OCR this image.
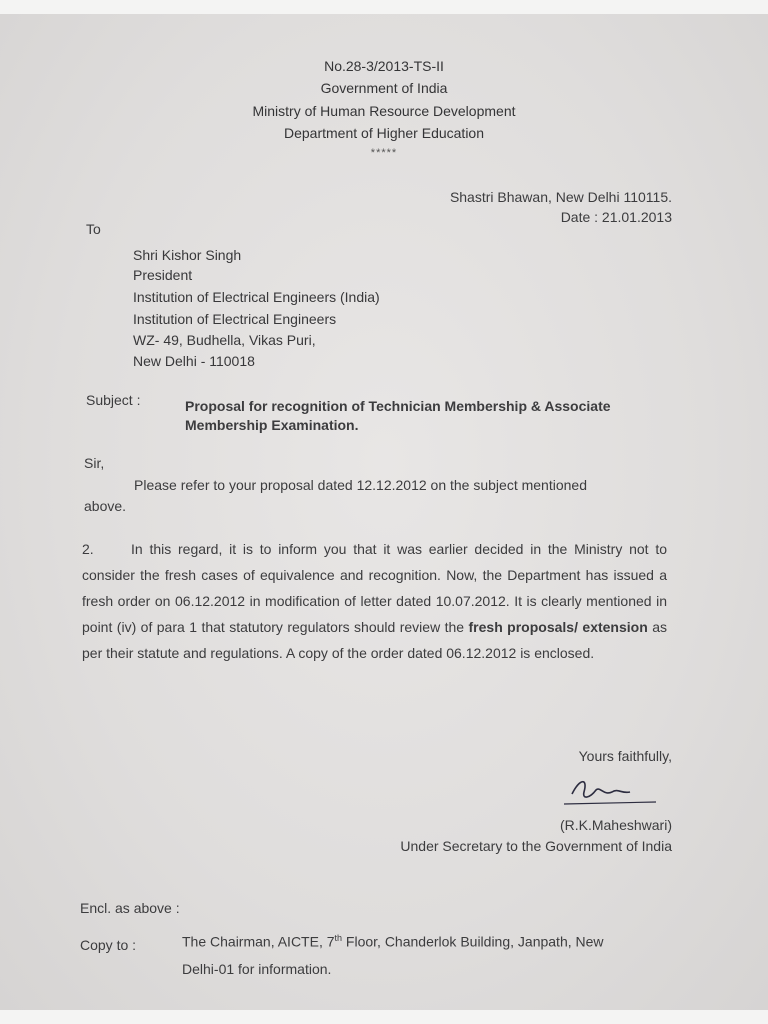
No.28-3/2013-TS-II
Government of India
Ministry of Human Resource Development
Department of Higher Education
*****
Shastri Bhawan, New Delhi 110115.
Date : 21.01.2013
To
Shri Kishor Singh
President
Institution of Electrical Engineers (India)
Institution of Electrical Engineers
WZ- 49, Budhella, Vikas Puri,
New Delhi - 110018
Subject :	Proposal for recognition of Technician Membership & Associate
Membership Examination.
Sir,
Please refer to your proposal dated 12.12.2012 on the subject mentioned
above.
2.	In this regard, it is to inform you that it was earlier decided in the Ministry not to consider the fresh cases of equivalence and recognition. Now, the Department has issued a fresh order on 06.12.2012 in modification of letter dated 10.07.2012. It is clearly mentioned in point (iv) of para 1 that statutory regulators should review the fresh proposals/ extension as per their statute and regulations. A copy of the order dated 06.12.2012 is enclosed.
Yours faithfully,
(R.K.Maheshwari)
Under Secretary to the Government of India
Encl. as above :
Copy to :	The Chairman, AICTE, 7th Floor, Chanderlok Building, Janpath, New
Delhi-01 for information.
